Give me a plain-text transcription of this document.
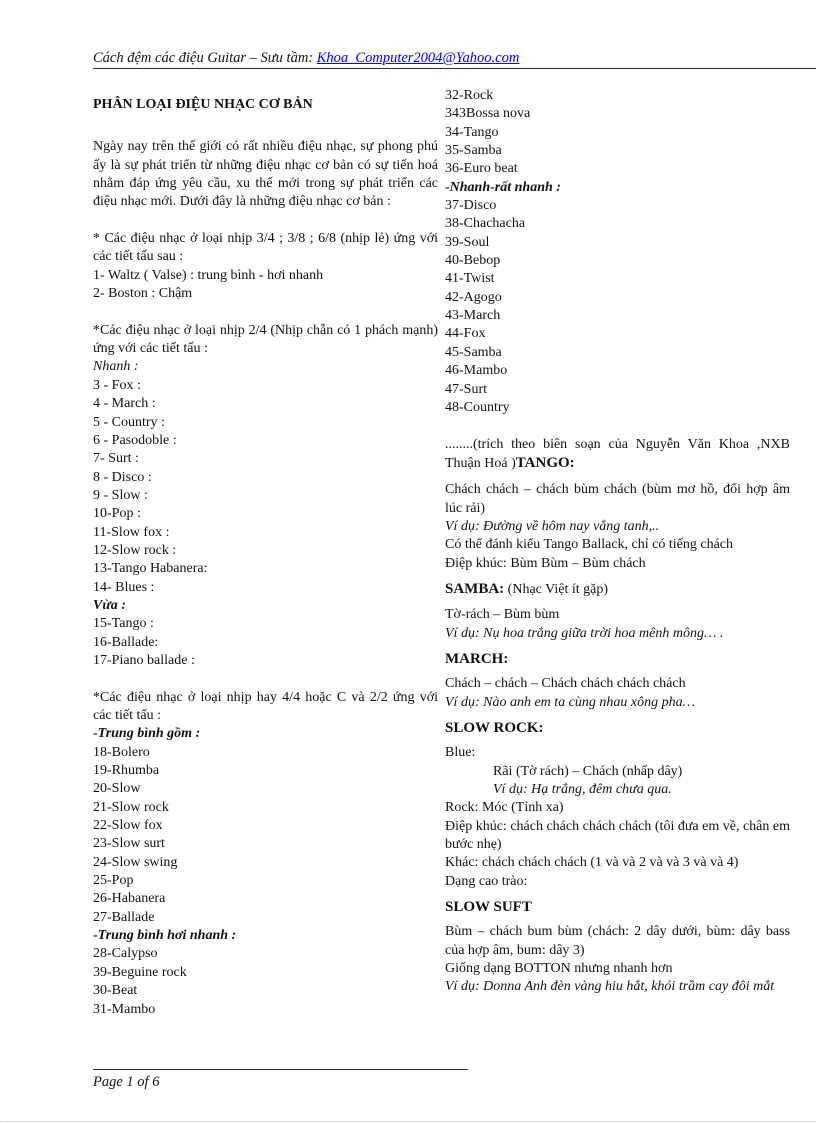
Cách đệm các điệu Guitar – Sưu tầm: Khoa_Computer2004@Yahoo.com
PHÂN LOẠI ĐIỆU NHẠC CƠ BẢN
Ngày nay trên thế giới có rất nhiều điệu nhạc, sự phong phú ấy là sự phát triển từ những điệu nhạc cơ bản có sự tiến hoá nhằm đáp ứng yêu cầu, xu thế mới trong sự phát triển các điệu nhạc mới. Dưới đây là những điệu nhạc cơ bản :
* Các điệu nhạc ở loại nhịp 3/4 ; 3/8 ; 6/8 (nhịp lẻ) ứng với các tiết tấu sau :
1- Waltz ( Valse) : trung bình - hơi nhanh
2- Boston : Chậm
*Các điệu nhạc ở loại nhịp 2/4 (Nhịp chẵn có 1 phách mạnh) ứng với các tiết tấu :
Nhanh :
3 - Fox :
4 - March :
5 - Country :
6 - Pasodoble :
7- Surt :
8 - Disco :
9 - Slow :
10-Pop :
11-Slow fox :
12-Slow rock :
13-Tango Habanera:
14- Blues :
Vừa :
15-Tango :
16-Ballade:
17-Piano ballade :
*Các điệu nhạc ở loại nhịp hay 4/4 hoặc C và 2/2 ứng với các tiết tấu :
-Trung bình gồm :
18-Bolero
19-Rhumba
20-Slow
21-Slow rock
22-Slow fox
23-Slow surt
24-Slow swing
25-Pop
26-Habanera
27-Ballade
-Trung bình hơi nhanh :
28-Calypso
39-Beguine rock
30-Beat
31-Mambo
32-Rock
343Bossa nova
34-Tango
35-Samba
36-Euro beat
-Nhanh-rất nhanh :
37-Disco
38-Chachacha
39-Soul
40-Bebop
41-Twist
42-Agogo
43-March
44-Fox
45-Samba
46-Mambo
47-Surt
48-Country
........(trích theo biên soạn của Nguyễn Văn Khoa ,NXB Thuận Hoá )TANGO:
Chách chách – chách bùm chách (bùm mơ hồ, đổi hợp âm lúc rải)
Ví dụ: Đường về hôm nay vắng tanh,..
Có thể đánh kiểu Tango Ballack, chỉ có tiếng chách
Điệp khúc: Bùm Bùm – Bùm chách
SAMBA: (Nhạc Việt ít gặp)
Tờ-rách – Bùm bùm
Ví dụ: Nụ hoa trắng giữa trời hoa mênh mông… .
MARCH:
Chách – chách – Chách chách chách chách
Ví dụ: Nào anh em ta cùng nhau xông pha…
SLOW ROCK:
Blue:
Rãi (Tờ rách) – Chách (nhấp dây)
Ví dụ: Hạ trắng, đêm chưa qua.
Rock: Móc (Tỉnh xa)
Điệp khúc: chách chách chách chách (tôi đưa em về, chân em bước nhẹ)
Khác: chách chách chách (1 và và 2 và và 3 và và 4)
Dạng cao trào:
SLOW SUFT
Bùm – chách bum bùm (chách: 2 dây dưới, bùm: dây bass của hợp âm, bum: dây 3)
Giống dạng BOTTON nhưng nhanh hơn
Ví dụ: Donna Anh đèn vàng hiu hắt, khói trầm cay đôi mắt
Page 1 of 6
